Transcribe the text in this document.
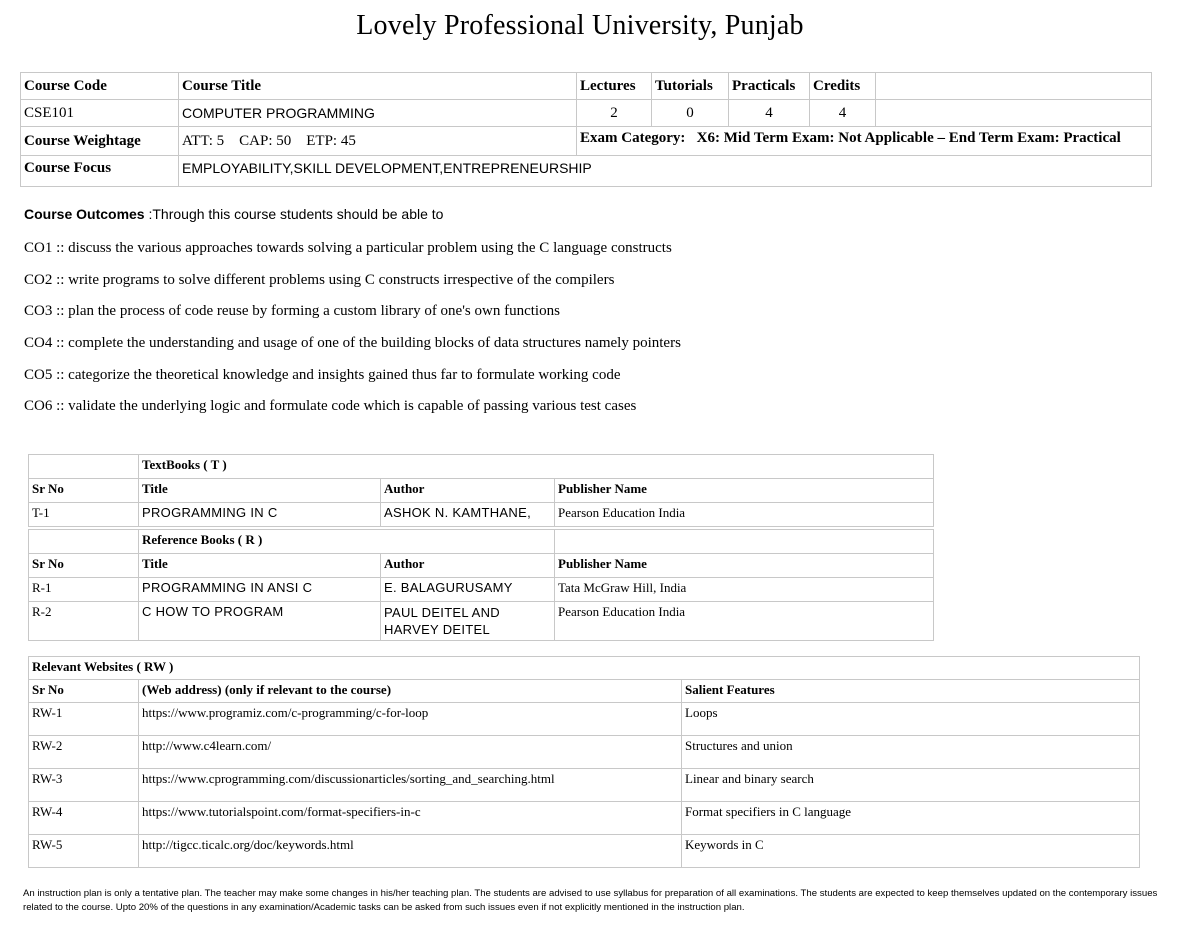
Lovely Professional University, Punjab
Course Code	Course Title	Lectures	Tutorials	Practicals	Credits	
CSE101	COMPUTER PROGRAMMING	2	0	4	4	
Course Weightage	ATT: 5    CAP: 50    ETP: 45	Exam Category:   X6: Mid Term Exam: Not Applicable – End Term Exam: Practical				

Course Focus	EMPLOYABILITY,SKILL DEVELOPMENT,ENTREPRENEURSHIP					
Course Outcomes :Through this course students should be able to
CO1 :: discuss the various approaches towards solving a particular problem using the C language constructs
CO2 :: write programs to solve different problems using C constructs irrespective of the compilers
CO3 :: plan the process of code reuse by forming a custom library of one's own functions
CO4 :: complete the understanding and usage of one of the building blocks of data structures namely pointers
CO5 :: categorize the theoretical knowledge and insights gained thus far to formulate working code
CO6 :: validate the underlying logic and formulate code which is capable of passing various test cases
	TextBooks ( T )		
Sr No	Title	Author	Publisher Name
T-1	PROGRAMMING IN C	ASHOK N. KAMTHANE,	Pearson Education India

	Reference Books ( R )		
Sr No	Title	Author	Publisher Name
R-1	PROGRAMMING IN ANSI C	E. BALAGURUSAMY	Tata McGraw Hill, India
R-2	C HOW TO PROGRAM	PAUL DEITEL AND HARVEY DEITEL	Pearson Education India
Relevant Websites ( RW )		
Sr No	(Web address) (only if relevant to the course)	Salient Features
RW-1	https://www.programiz.com/c-programming/c-for-loop	Loops
RW-2	http://www.c4learn.com/	Structures and union
RW-3	https://www.cprogramming.com/discussionarticles/sorting_and_searching.html	Linear and binary search
RW-4	https://www.tutorialspoint.com/format-specifiers-in-c	Format specifiers in C language
RW-5	http://tigcc.ticalc.org/doc/keywords.html	Keywords in C
An instruction plan is only a tentative plan. The teacher may make some changes in his/her teaching plan. The students are advised to use syllabus for preparation of all examinations. The students are expected to keep themselves updated on the contemporary issues related to the course. Upto 20% of the questions in any examination/Academic tasks can be asked from such issues even if not explicitly mentioned in the instruction plan.
